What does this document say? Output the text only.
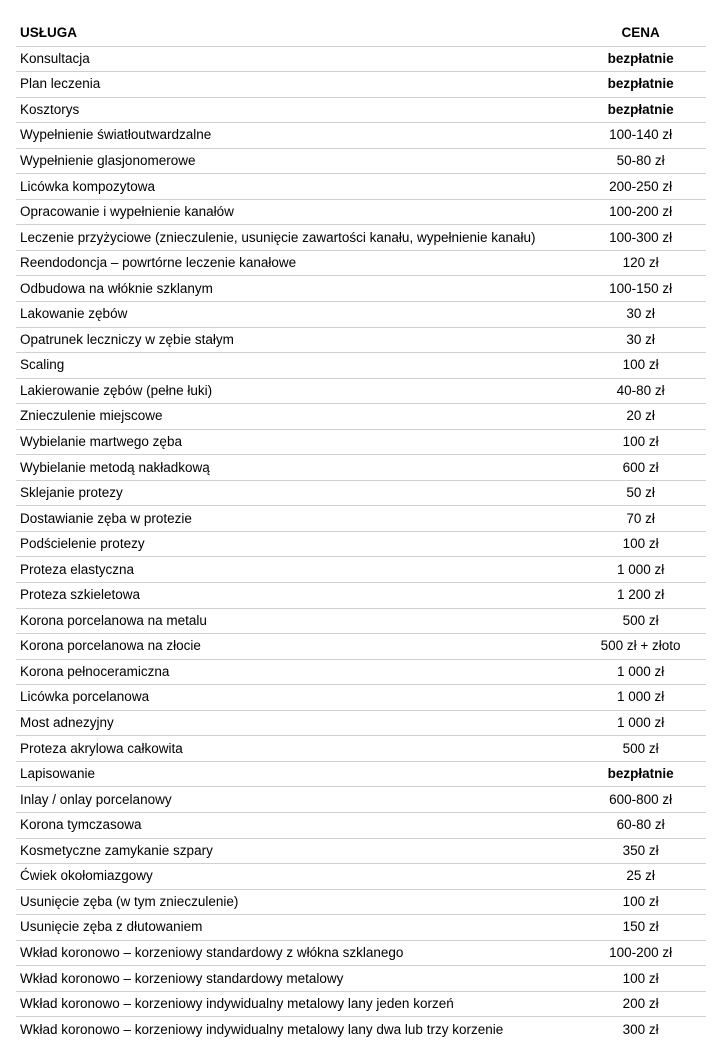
USŁUGA	CENA
Konsultacja	bezpłatnie
Plan leczenia	bezpłatnie
Kosztorys	bezpłatnie
Wypełnienie światłoutwardzalne	100-140 zł
Wypełnienie glasjonomerowe	50-80 zł
Licówka kompozytowa	200-250 zł
Opracowanie i wypełnienie kanałów	100-200 zł
Leczenie przyżyciowe (znieczulenie, usunięcie zawartości kanału, wypełnienie kanału)	100-300 zł
Reendodoncja – powrtórne leczenie kanałowe	120 zł
Odbudowa na włóknie szklanym	100-150 zł
Lakowanie zębów	30 zł
Opatrunek leczniczy w zębie stałym	30 zł
Scaling	100 zł
Lakierowanie zębów (pełne łuki)	40-80 zł
Znieczulenie miejscowe	20 zł
Wybielanie martwego zęba	100 zł
Wybielanie metodą nakładkową	600 zł
Sklejanie protezy	50 zł
Dostawianie zęba w protezie	70 zł
Podścielenie protezy	100 zł
Proteza elastyczna	1 000 zł
Proteza szkieletowa	1 200 zł
Korona porcelanowa na metalu	500 zł
Korona porcelanowa na złocie	500 zł + złoto
Korona pełnoceramiczna	1 000 zł
Licówka porcelanowa	1 000 zł
Most adnezyjny	1 000 zł
Proteza akrylowa całkowita	500 zł
Lapisowanie	bezpłatnie
Inlay / onlay porcelanowy	600-800 zł
Korona tymczasowa	60-80 zł
Kosmetyczne zamykanie szpary	350 zł
Ćwiek okołomiazgowy	25 zł
Usunięcie zęba (w tym znieczulenie)	100 zł
Usunięcie zęba z dłutowaniem	150 zł
Wkład koronowo – korzeniowy standardowy z włókna szklanego	100-200 zł
Wkład koronowo – korzeniowy standardowy metalowy	100 zł
Wkład koronowo – korzeniowy indywidualny metalowy lany jeden korzeń	200 zł
Wkład koronowo – korzeniowy indywidualny metalowy lany dwa lub trzy korzenie	300 zł
